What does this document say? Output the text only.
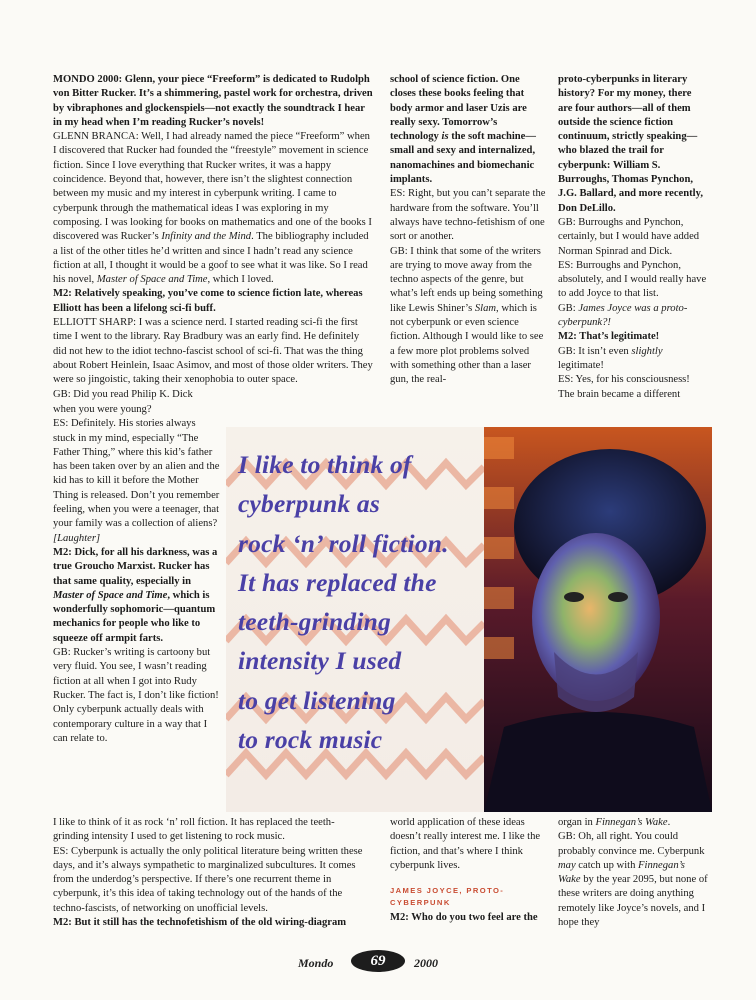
MONDO 2000: Glenn, your piece “Freeform” is dedicated to Rudolph von Bitter Rucker. It’s a shimmering, pastel work for orchestra, driven by vibraphones and glockenspiels—not exactly the soundtrack I hear in my head when I’m reading Rucker’s novels!

GLENN BRANCA: Well, I had already named the piece “Freeform” when I discovered that Rucker had founded the “freestyle” movement in science fiction. Since I love everything that Rucker writes, it was a happy coincidence. Beyond that, however, there isn’t the slightest connection between my music and my interest in cyberpunk writing. I came to cyberpunk through the mathematical ideas I was exploring in my composing. I was looking for books on mathematics and one of the books I discovered was Rucker’s Infinity and the Mind. The bibliography included a list of the other titles he’d written and since I hadn’t read any science fiction at all, I thought it would be a goof to see what it was like. So I read his novel, Master of Space and Time, which I loved.

M2: Relatively speaking, you’ve come to science fiction late, whereas Elliott has been a lifelong sci-fi buff.

ELLIOTT SHARP: I was a science nerd. I started reading sci-fi the first time I went to the library. Ray Bradbury was an early find. He definitely did not hew to the idiot techno-fascist school of sci-fi. That was the thing about Robert Heinlein, Isaac Asimov, and most of those older writers. They were so jingoistic, taking their xenophobia to outer space.

GB: Did you read Philip K. Dick

when you were young?

ES: Definitely. His stories always stuck in my mind, especially “The Father Thing,” where this kid’s father has been taken over by an alien and the kid has to kill it before the Mother Thing is released. Don’t you remember feeling, when you were a teenager, that your family was a collection of aliens? [Laughter]

M2: Dick, for all his darkness, was a true Groucho Marxist. Rucker has that same quality, especially in Master of Space and Time, which is wonderfully sophomoric—quantum mechanics for people who like to squeeze off armpit farts.

GB: Rucker’s writing is cartoony but very fluid. You see, I wasn’t reading fiction at all when I got into Rudy Rucker. The fact is, I don’t like fiction! Only cyberpunk actually deals with contemporary culture in a way that I can relate to.

I like to think of it as rock ‘n’ roll fiction. It has replaced the teeth-grinding intensity I used to get listening to rock music.

ES: Cyberpunk is actually the only political literature being written these days, and it’s always sympathetic to marginalized subcultures. It comes from the underdog’s perspective. If there’s one recurrent theme in cyberpunk, it’s this idea of taking technology out of the hands of the techno-fascists, of networking on unofficial levels.

M2: But it still has the technofetishism of the old wiring-diagram

school of science fiction. One closes these books feeling that body armor and laser Uzis are really sexy. Tomorrow’s technology is the soft machine—small and sexy and internalized, nanomachines and biomechanic implants.

ES: Right, but you can’t separate the hardware from the software. You’ll always have techno-fetishism of one sort or another.

GB: I think that some of the writers are trying to move away from the techno aspects of the genre, but what’s left ends up being something like Lewis Shiner’s Slam, which is not cyberpunk or even science fiction. Although I would like to see a few more plot problems solved with something other than a laser gun, the real-

world application of these ideas doesn’t really interest me. I like the fiction, and that’s where I think cyberpunk lives.

JAMES JOYCE, PROTO-CYBERPUNK

M2: Who do you two feel are the

proto-cyberpunks in literary history? For my money, there are four authors—all of them outside the science fiction continuum, strictly speaking—who blazed the trail for cyberpunk: William S. Burroughs, Thomas Pynchon, J.G. Ballard, and more recently, Don DeLillo.

GB: Burroughs and Pynchon, certainly, but I would have added Norman Spinrad and Dick.

ES: Burroughs and Pynchon, absolutely, and I would really have to add Joyce to that list.

GB: James Joyce was a proto-cyberpunk?!

M2: That’s legitimate!

GB: It isn’t even slightly legitimate!

ES: Yes, for his consciousness! The brain became a different

organ in Finnegan’s Wake.

GB: Oh, all right. You could probably convince me. Cyberpunk may catch up with Finnegan’s Wake by the year 2095, but none of these writers are doing anything remotely like Joyce’s novels, and I hope they

I like to think of
cyberpunk as
rock ‘n’ roll fiction.
It has replaced the
teeth-grinding
intensity I used
to get listening
to rock music
Mondo	69	2000
